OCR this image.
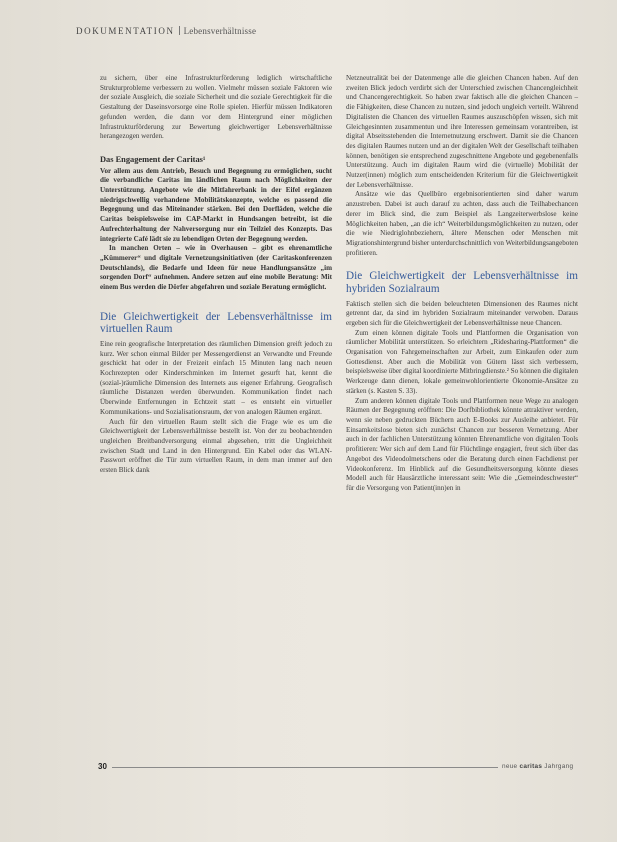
DOKUMENTATION Lebensverhältnisse

zu sichern, über eine Infrastrukturförderung lediglich wirtschaftliche Strukturprobleme verbessern zu wollen. Vielmehr müssen soziale Faktoren wie der soziale Ausgleich, die soziale Sicherheit und die soziale Gerechtigkeit für die Gestaltung der Daseinsvorsorge eine Rolle spielen. Hierfür müssen Indikatoren gefunden werden, die dann vor dem Hintergrund einer möglichen Infrastrukturförderung zur Bewertung gleichwertiger Lebensverhältnisse herangezogen werden.

Das Engagement der Caritas¹

Vor allem aus dem Antrieb, Besuch und Begegnung zu ermöglichen, sucht die verbandliche Caritas im ländlichen Raum nach Möglichkeiten der Unterstützung. Angebote wie die Mitfahrerbank in der Eifel ergänzen niedrigschwellig vorhandene Mobilitätskonzepte, welche es passend die Begegnung und das Miteinander stärken. Bei den Dorfläden, welche die Caritas beispielsweise im CAP-Markt in Hundsangen betreibt, ist die Aufrechterhaltung der Nahversorgung nur ein Teilziel des Konzepts. Das integrierte Café lädt sie zu lebendigen Orten der Begegnung werden.

In manchen Orten – wie in Overhausen – gibt es ehrenamtliche „Kümmerer“ und digitale Vernetzungsinitiativen (der Caritaskonferenzen Deutschlands), die Bedarfe und Ideen für neue Handlungsansätze „im sorgenden Dorf“ aufnehmen. Andere setzen auf eine mobile Beratung: Mit einem Bus werden die Dörfer abgefahren und soziale Beratung ermöglicht.

Die Gleichwertigkeit der Lebensverhältnisse im virtuellen Raum

Eine rein geografische Interpretation des räumlichen Dimension greift jedoch zu kurz. Wer schon einmal Bilder per Messengerdienst an Verwandte und Freunde geschickt hat oder in der Freizeit einfach 15 Minuten lang nach neuen Kochrezepten oder Kinderschminken im Internet gesurft hat, kennt die (sozial-)räumliche Dimension des Internets aus eigener Erfahrung. Geografisch räumliche Distanzen werden überwunden. Kommunikation findet nach Überwinde Entfernungen in Echtzeit statt – es entsteht ein virtueller Kommunikations- und Sozialisationsraum, der von analogen Räumen ergänzt.

Auch für den virtuellen Raum stellt sich die Frage wie es um die Gleichwertigkeit der Lebensverhältnisse bestellt ist. Von der zu beobachtenden ungleichen Breitbandversorgung einmal abgesehen, tritt die Ungleichheit zwischen Stadt und Land in den Hintergrund. Ein Kabel oder das WLAN-Passwort eröffnet die Tür zum virtuellen Raum, in dem man immer auf den ersten Blick dank

Netzneutralität bei der Datenmenge alle die gleichen Chancen haben. Auf den zweiten Blick jedoch verdirbt sich der Unterschied zwischen Chancengleichheit und Chancengerechtigkeit. So haben zwar faktisch alle die gleichen Chancen – die Fähigkeiten, diese Chancen zu nutzen, sind jedoch ungleich verteilt. Während Digitalisten die Chancen des virtuellen Raumes auszuschöpfen wissen, sich mit Gleichgesinnten zusammentun und ihre Interessen gemeinsam vorantreiben, ist digital Abseitsstehenden die Internetnutzung erschwert. Damit sie die Chancen des digitalen Raumes nutzen und an der digitalen Welt der Gesellschaft teilhaben können, benötigen sie entsprechend zugeschnittene Angebote und gegebenenfalls Unterstützung. Auch im digitalen Raum wird die (virtuelle) Mobilität der Nutzer(innen) möglich zum entscheidenden Kriterium für die Gleichwertigkeit der Lebensverhältnisse.

Ansätze wie das Quellbüro ergebnisorientierten sind daher warum anzustreben. Dabei ist auch darauf zu achten, dass auch die Teilhabechancen derer im Blick sind, die zum Beispiel als Langzeiterwerbslose keine Möglichkeiten haben, „an die ich“ Weiterbildungsmöglichkeiten zu nutzen, oder die wie Niedriglohnbeziehern, ältere Menschen oder Menschen mit Migrationshintergrund bisher unterdurchschnittlich von Weiterbildungsangeboten profitieren.

Die Gleichwertigkeit der Lebensverhältnisse im hybriden Sozialraum

Faktisch stellen sich die beiden beleuchteten Dimensionen des Raumes nicht getrennt dar, da sind im hybriden Sozialraum miteinander verwoben. Daraus ergeben sich für die Gleichwertigkeit der Lebensverhältnisse neue Chancen.

Zum einen können digitale Tools und Plattformen die Organisation von räumlicher Mobilität unterstützen. So erleichtern „Ridesharing-Plattformen“ die Organisation von Fahrgemeinschaften zur Arbeit, zum Einkaufen oder zum Gottesdienst. Aber auch die Mobilität von Gütern lässt sich verbessern, beispielsweise über digital koordinierte Mitbringdienste.² So können die digitalen Werkzeuge dann dienen, lokale gemeinwohlorientierte Ökonomie-Ansätze zu stärken (s. Kasten S. 33).

Zum anderen können digitale Tools und Plattformen neue Wege zu analogen Räumen der Begegnung eröffnen: Die Dorfbibliothek könnte attraktiver werden, wenn sie neben gedruckten Büchern auch E-Books zur Ausleihe anbietet. Für Einsamkeitslose bieten sich zunächst Chancen zur besseren Vernetzung. Aber auch in der fachlichen Unterstützung könnten Ehrenamtliche von digitalen Tools profitieren: Wer sich auf dem Land für Flüchtlinge engagiert, freut sich über das Angebot des Videodolmetschens oder die Beratung durch einen Fachdienst per Videokonferenz. Im Hinblick auf die Gesundheitsversorgung könnte dieses Modell auch für Hausärztliche interessant sein: Wie die „Gemeindeschwester“ für die Versorgung von Patient(inn)en in

30	neue caritas Jahrgang
